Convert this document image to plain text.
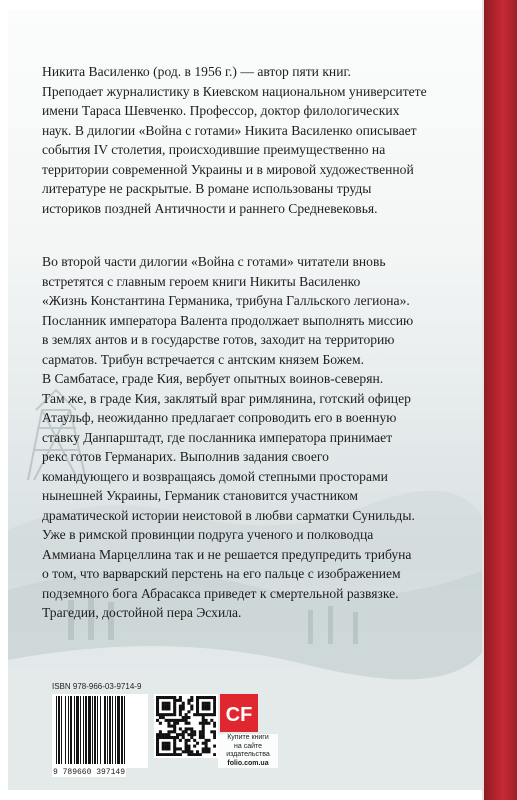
Никита Василенко (род. в 1956 г.) — автор пяти книг.
Преподает журналистику в Киевском национальном университете
имени Тараса Шевченко. Профессор, доктор филологических
наук. В дилогии «Война с готами» Никита Василенко описывает
события IV столетия, происходившие преимущественно на
территории современной Украины и в мировой художественной
литературе не раскрытые. В романе использованы труды
историков поздней Античности и раннего Средневековья.
Во второй части дилогии «Война с готами» читатели вновь
встретятся с главным героем книги Никиты Василенко
«Жизнь Константина Германика, трибуна Галльского легиона».
Посланник императора Валента продолжает выполнять миссию
в землях антов и в государстве готов, заходит на территорию
сарматов. Трибун встречается с антским князем Божем.
В Самбатасе, граде Кия, вербует опытных воинов-северян.
Там же, в граде Кия, заклятый враг римлянина, готский офицер
Атаульф, неожиданно предлагает сопроводить его в военную
ставку Данпарштадт, где посланника императора принимает
рекс готов Германарих. Выполнив задания своего
командующего и возвращаясь домой степными просторами
нынешней Украины, Германик становится участником
драматической истории неистовой в любви сарматки Сунильды.
Уже в римской провинции подруга ученого и полководца
Аммиана Марцеллина так и не решается предупредить трибуна
о том, что варварский перстень на его пальце с изображением
подземного бога Абрасакса приведет к смертельной развязке.
Трагедии, достойной пера Эсхила.
ISBN 978-966-03-9714-9
9 789660 397149
CF
Купите книги
на сайте
издательства
folio.com.ua
